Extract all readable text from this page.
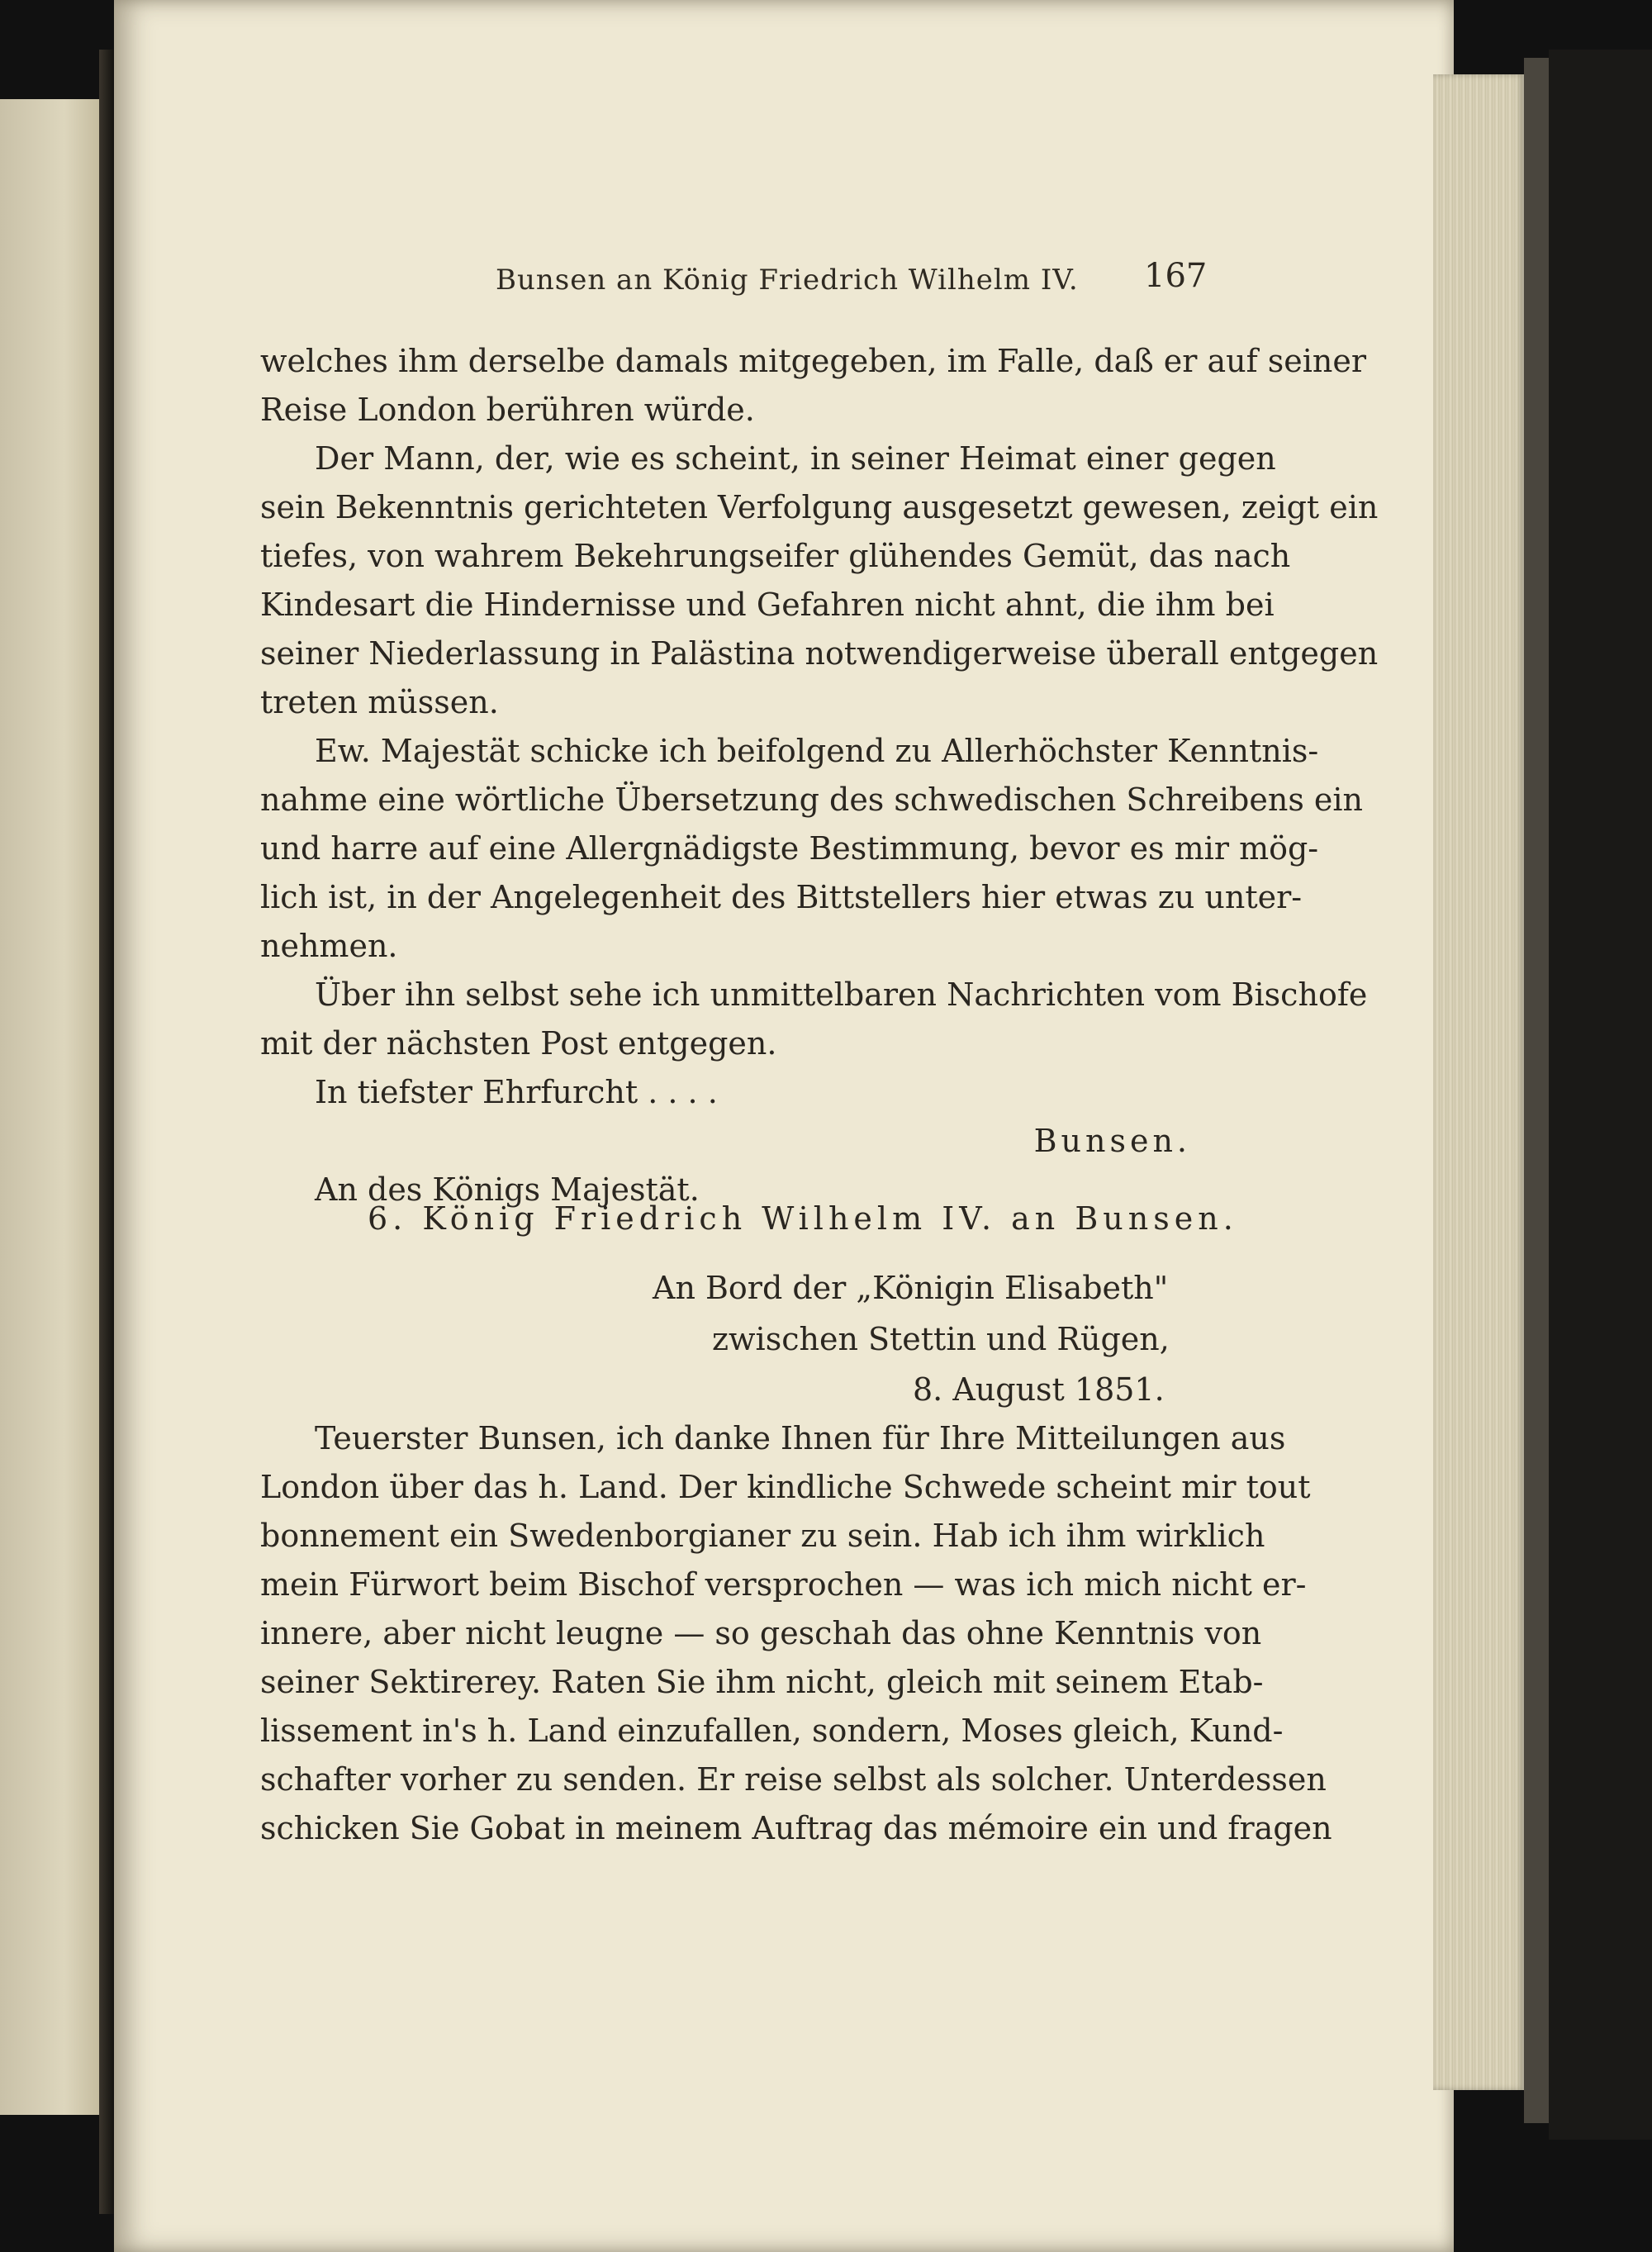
Bunsen an König Friedrich Wilhelm IV. 167
welches ihm derselbe damals mitgegeben, im Falle, daß er auf seiner
Reise London berühren würde.
Der Mann, der, wie es scheint, in seiner Heimat einer gegen
sein Bekenntnis gerichteten Verfolgung ausgesetzt gewesen, zeigt ein
tiefes, von wahrem Bekehrungseifer glühendes Gemüt, das nach
Kindesart die Hindernisse und Gefahren nicht ahnt, die ihm bei
seiner Niederlassung in Palästina notwendigerweise überall entgegen
treten müssen.
Ew. Majestät schicke ich beifolgend zu Allerhöchster Kenntnis-
nahme eine wörtliche Übersetzung des schwedischen Schreibens ein
und harre auf eine Allergnädigste Bestimmung, bevor es mir mög-
lich ist, in der Angelegenheit des Bittstellers hier etwas zu unter-
nehmen.
Über ihn selbst sehe ich unmittelbaren Nachrichten vom Bischofe
mit der nächsten Post entgegen.
In tiefster Ehrfurcht . . . .
Bunsen.
An des Königs Majestät.
6. König Friedrich Wilhelm IV. an Bunsen.
An Bord der „Königin Elisabeth"
zwischen Stettin und Rügen,
8. August 1851.
Teuerster Bunsen, ich danke Ihnen für Ihre Mitteilungen aus
London über das h. Land. Der kindliche Schwede scheint mir tout
bonnement ein Swedenborgianer zu sein. Hab ich ihm wirklich
mein Fürwort beim Bischof versprochen — was ich mich nicht er-
innere, aber nicht leugne — so geschah das ohne Kenntnis von
seiner Sektirerey. Raten Sie ihm nicht, gleich mit seinem Etab-
lissement in's h. Land einzufallen, sondern, Moses gleich, Kund-
schafter vorher zu senden. Er reise selbst als solcher. Unterdessen
schicken Sie Gobat in meinem Auftrag das mémoire ein und fragen
